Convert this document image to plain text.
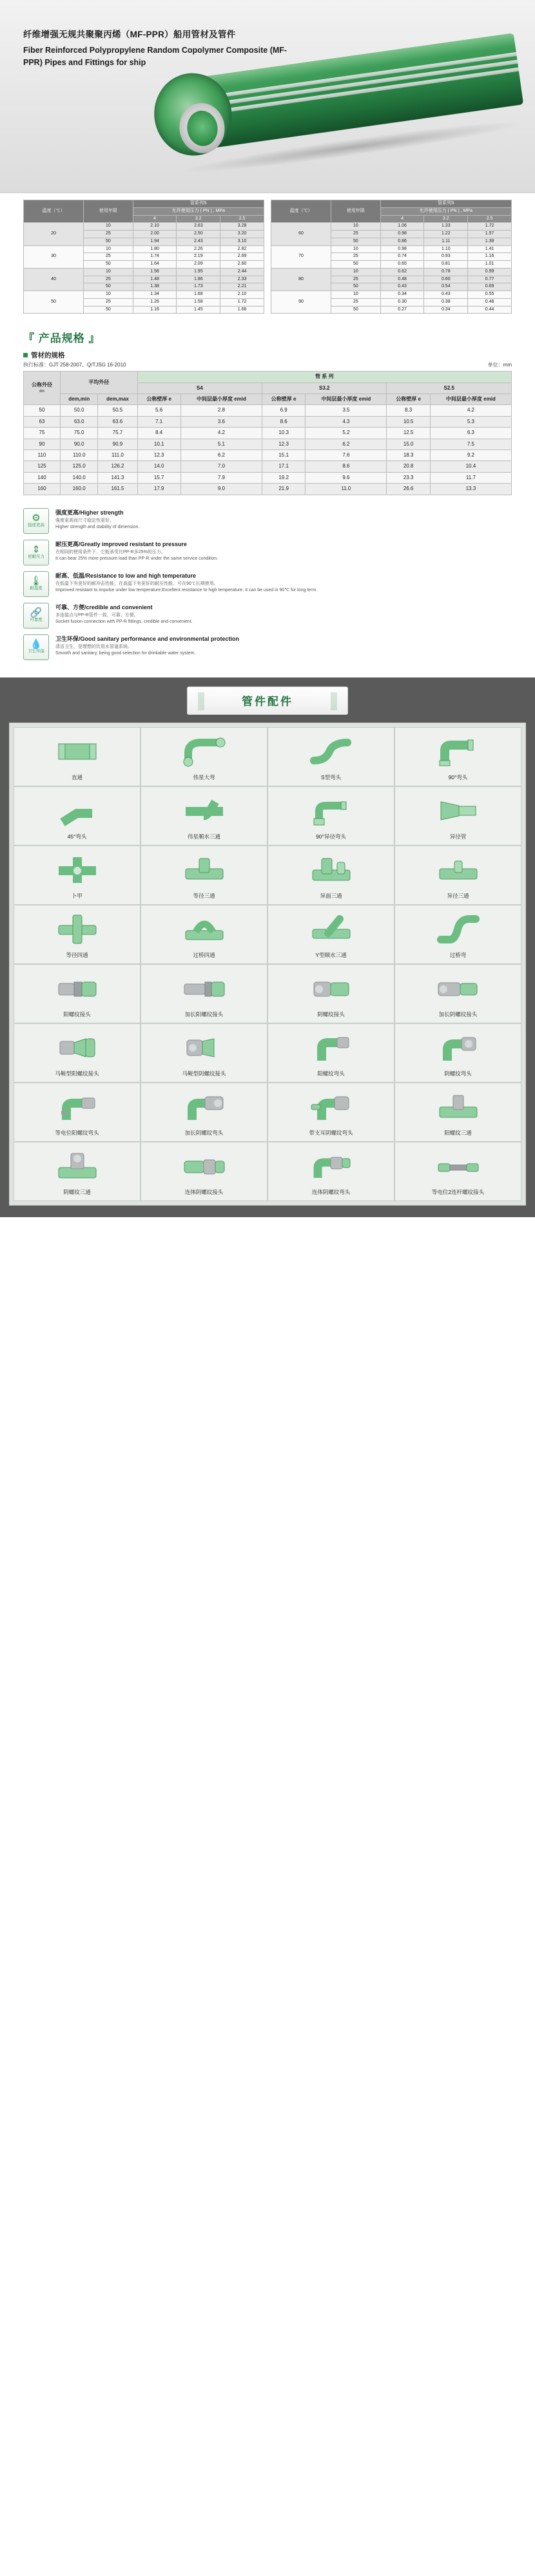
纤维增强无规共聚聚丙烯（MF-PPR）船用管材及管件
Fiber Reinforced Polypropylene Random Copolymer Composite (MF-PPR) Pipes and Fittings for ship
温度（℃）	使用年限	管系列S		
		允许使用压力 ( PN ) , MPa		
		4	3.2	2.5
20	10	2.10	2.63	3.28
	25	2.00	2.50	3.20
	50	1.94	2.43	3.10
30	10	1.80	2.26	2.82
	25	1.74	2.19	2.69
	50	1.64	2.09	2.60
40	10	1.56	1.95	2.44
	25	1.48	1.86	2.33
	50	1.38	1.73	2.21
50	10	1.34	1.68	2.10
	25	1.26	1.58	1.72
	50	1.16	1.45	1.66
温度（℃）	使用年限	管系列S		
		允许使用压力 ( PN ) , MPa		
		4	3.2	2.5
60	10	1.06	1.33	1.72
	25	0.98	1.22	1.57
	50	0.86	1.11	1.39
70	10	0.98	1.10	1.41
	25	0.74	0.93	1.16
	50	0.65	0.81	1.01
80	10	0.62	0.78	0.99
	25	0.48	0.60	0.77
	50	0.43	0.54	0.69
90	10	0.34	0.43	0.55
	25	0.30	0.38	0.48
	50	0.27	0.34	0.44
『 产品规格 』
管材的规格
执行标准：GJT 258-2007、Q/TJSG 16-2010	单位：mm
公称外径
dn	平均外径		管 系 列					
			S4		S3.2		S2.5	
	dem,min	dem,max	公称壁厚 e	中间层最小厚度 emid	公称壁厚 e	中间层最小厚度 emid	公称壁厚 e	中间层最小厚度 emid
50	50.0	50.5	5.6	2.8	6.9	3.5	8.3	4.2
63	63.0	63.6	7.1	3.6	8.6	4.3	10.5	5.3
75	75.0	75.7	8.4	4.2	10.3	5.2	12.5	6.3
90	90.0	90.9	10.1	5.1	12.3	6.2	15.0	7.5
110	110.0	111.0	12.3	6.2	15.1	7.6	18.3	9.2
125	125.0	126.2	14.0	7.0	17.1	8.6	20.8	10.4
140	140.0	141.3	15.7	7.9	19.2	9.6	23.3	11.7
160	160.0	161.5	17.9	9.0	21.9	11.0	26.6	13.3
⚙
强度更高
强度更高/Higher strength
强度更高而尺寸稳定性更好。
Higher strength and stability of dimension.
⇕
更耐压力
耐压更高/Greatly improved resistant to pressure
在相同的使用条件下，它能承受比PP-R多25%的压力。
It can bear 25% more pressure load than PP-R under the same service condition.
🌡
耐温度
耐高、低温/Resistance to low and high temperature
在低温下有更好的耐冲击性能，在高温下有更好的耐压性能，可在90℃长期使用。
Improved resistant to impulse under low temperature;Excellent resistance to high temperature. It can be used in 90℃ for long term.
🔗
可靠度
可靠、方便/credible and convenient
多连接点与PP-R管件一致，可靠、方便。
Socket fusion connection with PP-R fittings, credible and convenient.
💧
卫生环保
卫生环保/Good sanitary performance and environmental protection
清洁卫生，是理想的饮用水管道系统。
Smooth and sanitary, being good selection for drinkable water system.
管件配件
直通	伟星大弯	S型弯头	90°弯头
45°弯头	伟星顺水三通	90°异径弯头	异径管
卜甲	等径三通	异面三通	异径三通
等径四通	过桥四通	Y型顺水三通	过桥弯
阳螺纹接头	加长阳螺纹接头	阴螺纹接头	加长阴螺纹接头
马鞍型阳螺纹接头	马鞍型阴螺纹接头	阳螺纹弯头	阴螺纹弯头
等电位阳螺纹弯头	加长阴螺纹弯头	带支耳阴螺纹弯头	阳螺纹三通
阴螺纹三通	连体阴螺纹接头	连体阴螺纹弯头	等电位2连杆螺纹接头
